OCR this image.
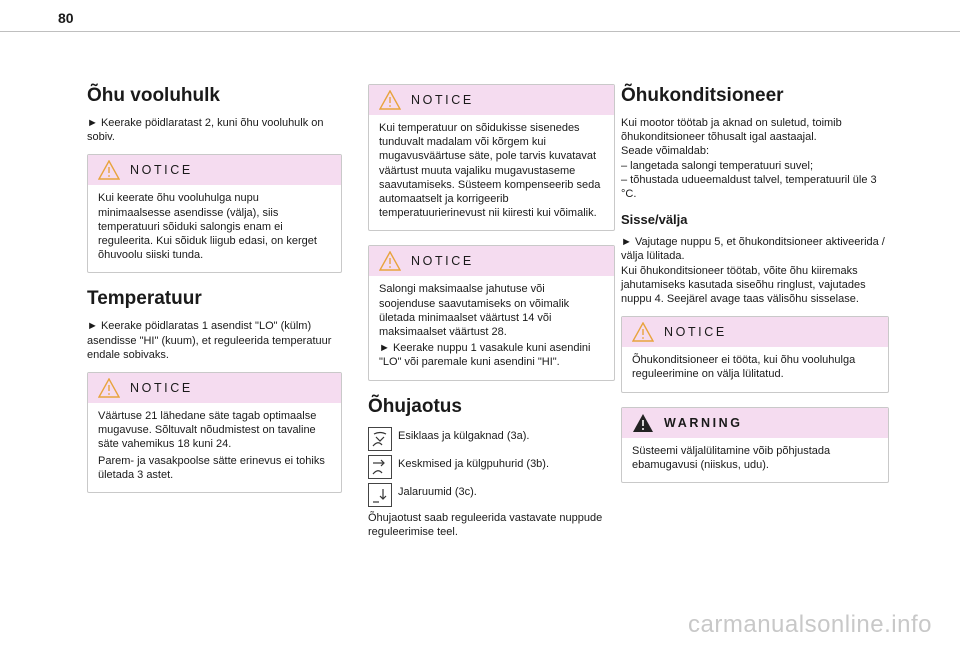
80
Õhu vooluhulk

► Keerake pöidlaratast 2, kuni õhu vooluhulk on sobiv.

NOTICE

Kui keerate õhu vooluhulga nupu minimaalsesse asendisse (välja), siis temperatuuri sõiduki salongis enam ei reguleerita. Kui sõiduk liigub edasi, on kerget õhuvoolu siiski tunda.

Temperatuur

► Keerake pöidlaratas 1 asendist "LO" (külm) asendisse "HI" (kuum), et reguleerida temperatuur endale sobivaks.

NOTICE

Väärtuse 21 lähedane säte tagab optimaalse mugavuse. Sõltuvalt nõudmistest on tavaline säte vahemikus 18 kuni 24.

Parem- ja vasakpoolse sätte erinevus ei tohiks ületada 3 astet.

NOTICE

Kui temperatuur on sõidukisse sisenedes tunduvalt madalam või kõrgem kui mugavusväärtuse säte, pole tarvis kuvatavat väärtust muuta vajaliku mugavustaseme saavutamiseks. Süsteem kompenseerib seda automaatselt ja korrigeerib temperatuurierinevust nii kiiresti kui võimalik.

NOTICE

Salongi maksimaalse jahutuse või soojenduse saavutamiseks on võimalik ületada minimaalset väärtust 14 või maksimaalset väärtust 28.

► Keerake nuppu 1 vasakule kuni asendini "LO" või paremale kuni asendini "HI".

Õhujaotus

Esiklaas ja külgaknad (3a).

Keskmised ja külgpuhurid (3b).

Jalaruumid (3c).

Õhujaotust saab reguleerida vastavate nuppude reguleerimise teel.

Õhukonditsioneer

Kui mootor töötab ja aknad on suletud, toimib õhukonditsioneer tõhusalt igal aastaajal.

Seade võimaldab:

– langetada salongi temperatuuri suvel;

– tõhustada udueemaldust talvel, temperatuuril üle 3 °C.

Sisse/välja

► Vajutage nuppu 5, et õhukonditsioneer aktiveerida / välja lülitada.

Kui õhukonditsioneer töötab, võite õhu kiiremaks jahutamiseks kasutada siseõhu ringlust, vajutades nuppu 4. Seejärel avage taas välisõhu sisselase.

NOTICE

Õhukonditsioneer ei tööta, kui õhu vooluhulga reguleerimine on välja lülitatud.

WARNING

Süsteemi väljalülitamine võib põhjustada ebamugavusi (niiskus, udu).

carmanualsonline.info
